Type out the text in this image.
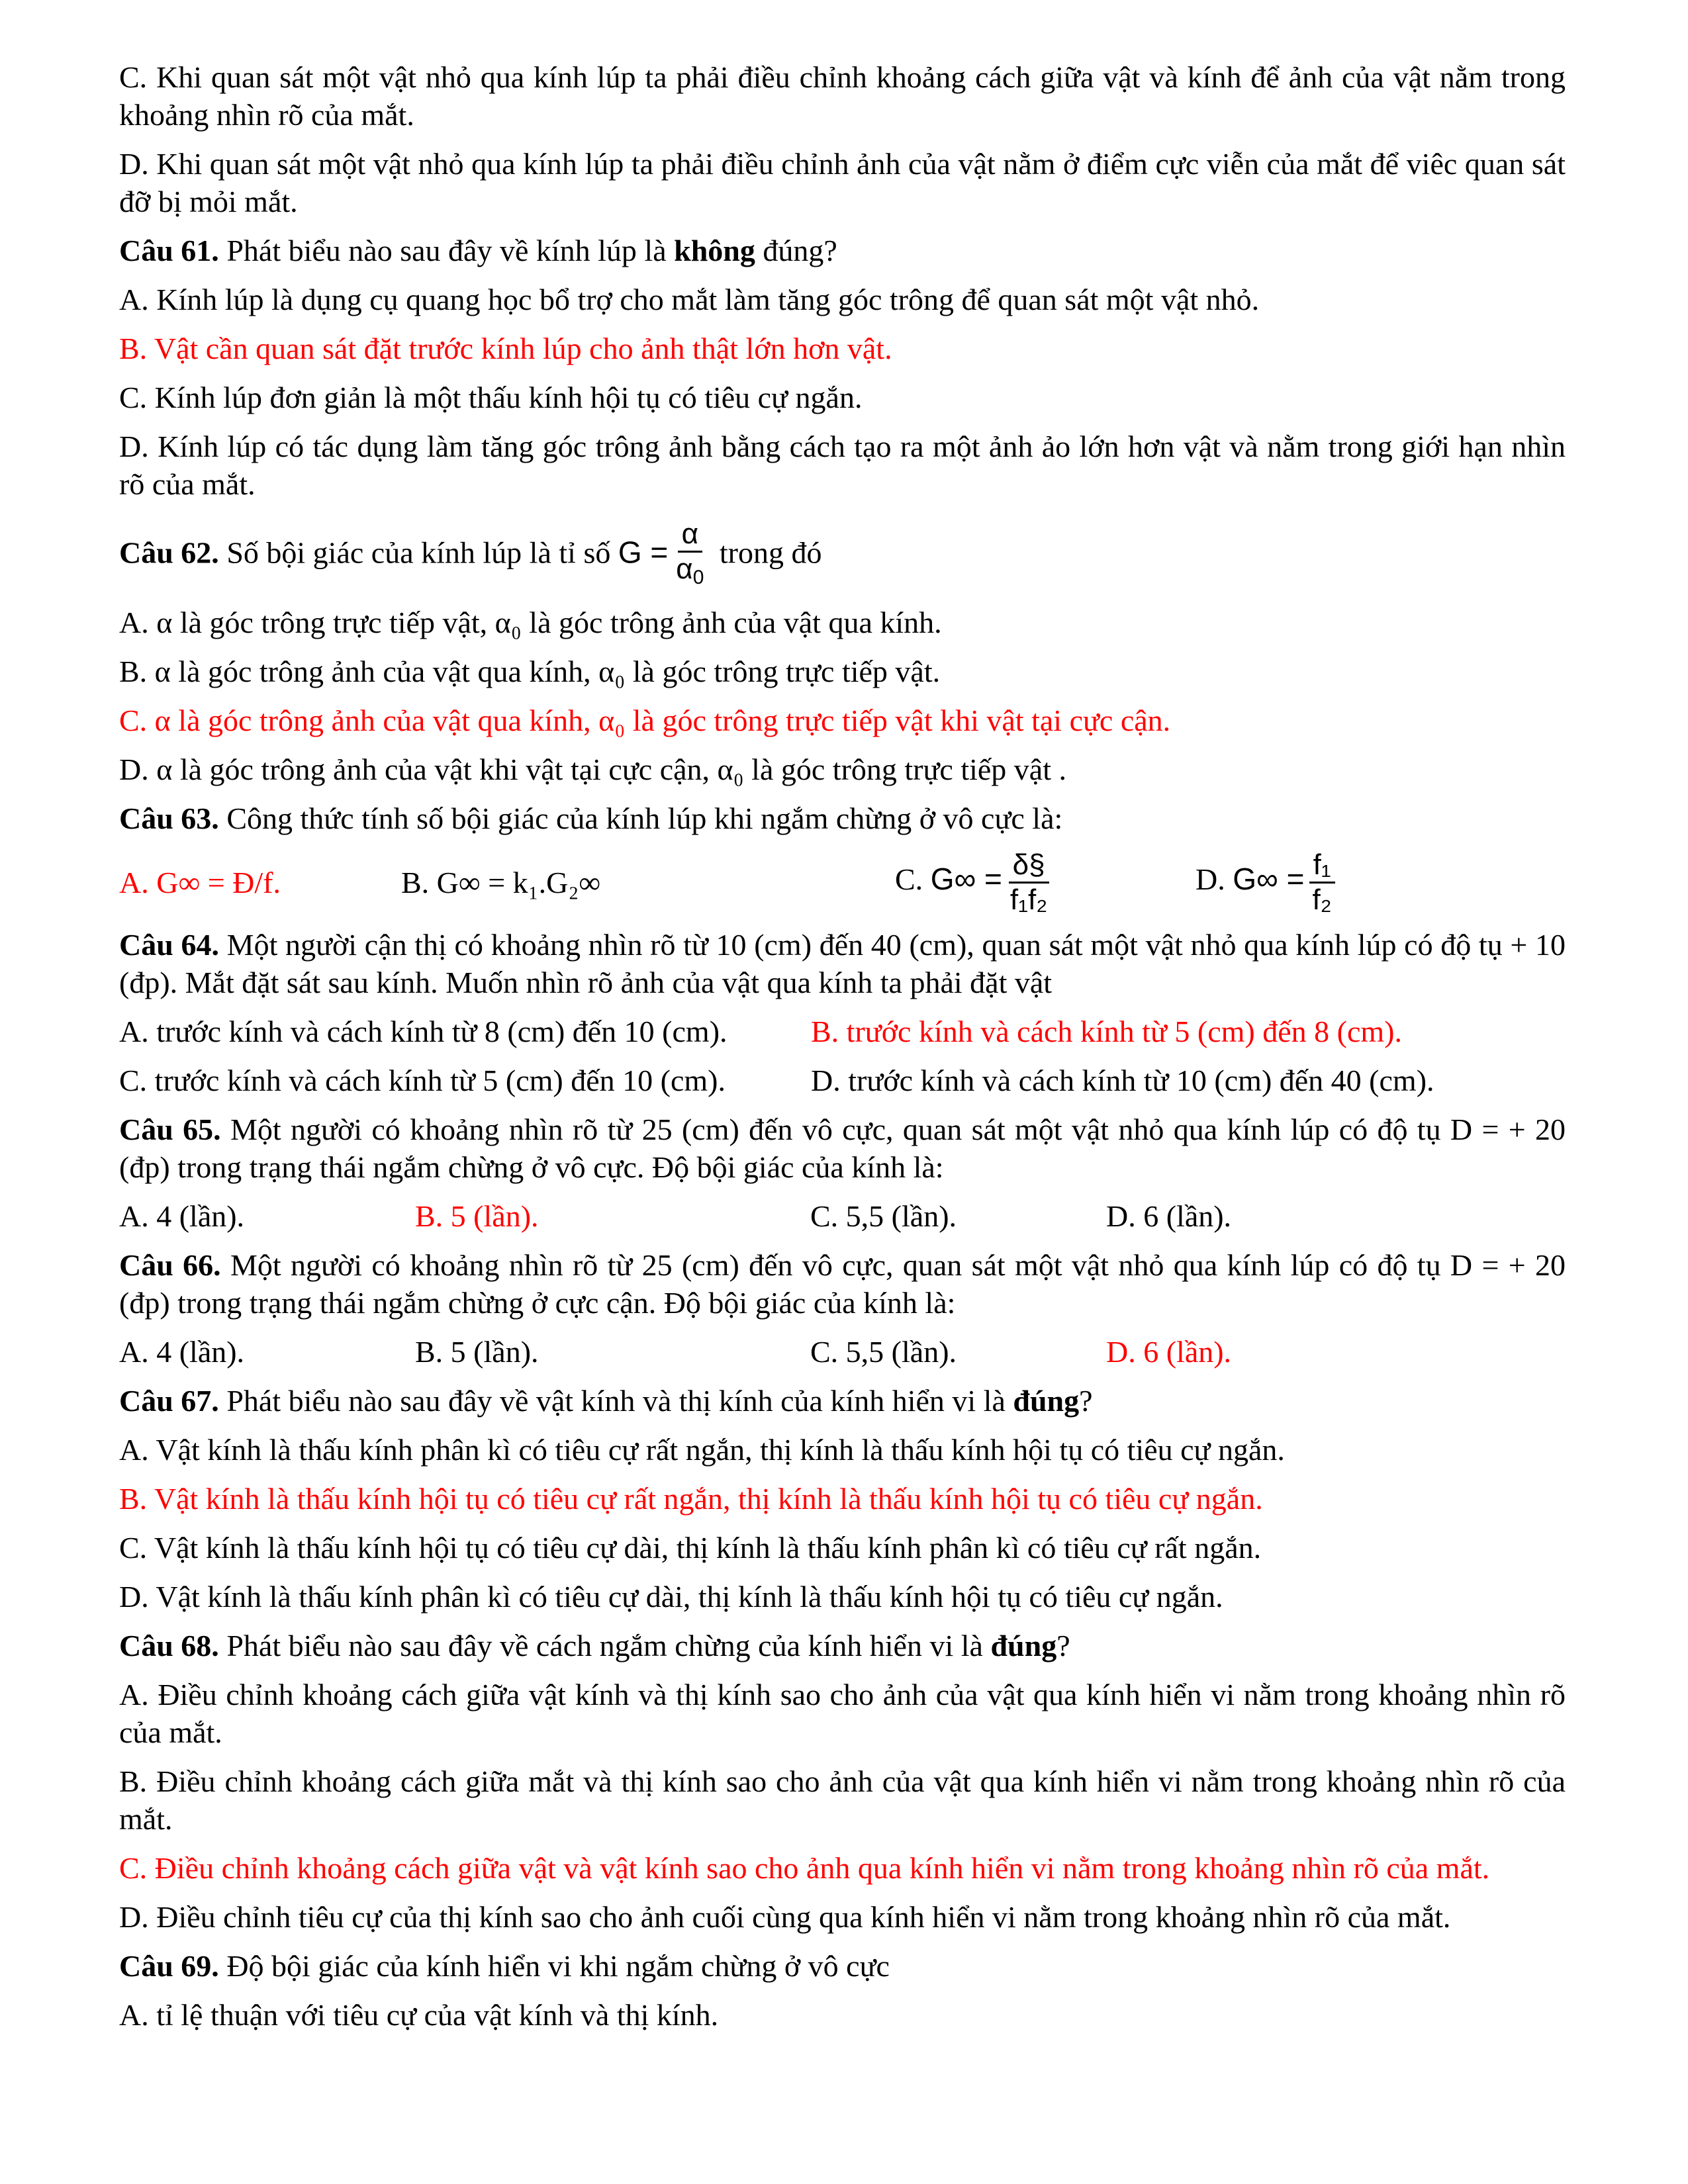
C. Khi quan sát một vật nhỏ qua kính lúp ta phải điều chỉnh khoảng cách giữa vật và kính để ảnh của vật nằm trong khoảng nhìn rõ của mắt.

D. Khi quan sát một vật nhỏ qua kính lúp ta phải điều chỉnh ảnh của vật nằm ở điểm cực viễn của mắt để viêc quan sát đỡ bị mỏi mắt.

Câu 61. Phát biểu nào sau đây về kính lúp là không đúng?

A. Kính lúp là dụng cụ quang học bổ trợ cho mắt làm tăng góc trông để quan sát một vật nhỏ.

B. Vật cần quan sát đặt trước kính lúp cho ảnh thật lớn hơn vật.

C. Kính lúp đơn giản là một thấu kính hội tụ có tiêu cự ngắn.

D. Kính lúp có tác dụng làm tăng góc trông ảnh bằng cách tạo ra một ảnh ảo lớn hơn vật và nằm trong giới hạn nhìn rõ của mắt.

Câu 62. Số bội giác của kính lúp là tỉ số $G = \frac{\alpha}{\alpha_0}$ trong đó

A. α là góc trông trực tiếp vật, α₀ là góc trông ảnh của vật qua kính.

B. α là góc trông ảnh của vật qua kính, α₀ là góc trông trực tiếp vật.

C. α là góc trông ảnh của vật qua kính, α₀ là góc trông trực tiếp vật khi vật tại cực cận.

D. α là góc trông ảnh của vật khi vật tại cực cận, α₀ là góc trông trực tiếp vật .

Câu 63. Công thức tính số bội giác của kính lúp khi ngắm chừng ở vô cực là:

A. G∞ = Đ/f.	B. G∞ = k₁.G₂∞	C. $G\infty = \frac{\delta\S}{\text{f₁f₂}}$	D. $G\infty = \frac{\text{f₁}}{\text{f₂}}$

Câu 64. Một người cận thị có khoảng nhìn rõ từ 10 (cm) đến 40 (cm), quan sát một vật nhỏ qua kính lúp có độ tụ + 10 (đp). Mắt đặt sát sau kính. Muốn nhìn rõ ảnh của vật qua kính ta phải đặt vật

A. trước kính và cách kính từ 8 (cm) đến 10 (cm).	B. trước kính và cách kính từ 5 (cm) đến 8 (cm).
C. trước kính và cách kính từ 5 (cm) đến 10 (cm).	D. trước kính và cách kính từ 10 (cm) đến 40 (cm).

Câu 65. Một người có khoảng nhìn rõ từ 25 (cm) đến vô cực, quan sát một vật nhỏ qua kính lúp có độ tụ D = + 20 (đp) trong trạng thái ngắm chừng ở vô cực. Độ bội giác của kính là:

A. 4 (lần).	B. 5 (lần).	C. 5,5 (lần).	D. 6 (lần).

Câu 66. Một người có khoảng nhìn rõ từ 25 (cm) đến vô cực, quan sát một vật nhỏ qua kính lúp có độ tụ D = + 20 (đp) trong trạng thái ngắm chừng ở cực cận. Độ bội giác của kính là:

A. 4 (lần).	B. 5 (lần).	C. 5,5 (lần).	D. 6 (lần).

Câu 67. Phát biểu nào sau đây về vật kính và thị kính của kính hiển vi là đúng?

A. Vật kính là thấu kính phân kì có tiêu cự rất ngắn, thị kính là thấu kính hội tụ có tiêu cự ngắn.

B. Vật kính là thấu kính hội tụ có tiêu cự rất ngắn, thị kính là thấu kính hội tụ có tiêu cự ngắn.

C. Vật kính là thấu kính hội tụ có tiêu cự dài, thị kính là thấu kính phân kì có tiêu cự rất ngắn.

D. Vật kính là thấu kính phân kì có tiêu cự dài, thị kính là thấu kính hội tụ có tiêu cự ngắn.

Câu 68. Phát biểu nào sau đây về cách ngắm chừng của kính hiển vi là đúng?

A. Điều chỉnh khoảng cách giữa vật kính và thị kính sao cho ảnh của vật qua kính hiển vi nằm trong khoảng nhìn rõ của mắt.

B. Điều chỉnh khoảng cách giữa mắt và thị kính sao cho ảnh của vật qua kính hiển vi nằm trong khoảng nhìn rõ của mắt.

C. Điều chỉnh khoảng cách giữa vật và vật kính sao cho ảnh qua kính hiển vi nằm trong khoảng nhìn rõ của mắt.

D. Điều chỉnh tiêu cự của thị kính sao cho ảnh cuối cùng qua kính hiển vi nằm trong khoảng nhìn rõ của mắt.

Câu 69. Độ bội giác của kính hiển vi khi ngắm chừng ở vô cực

A. tỉ lệ thuận với tiêu cự của vật kính và thị kính.
